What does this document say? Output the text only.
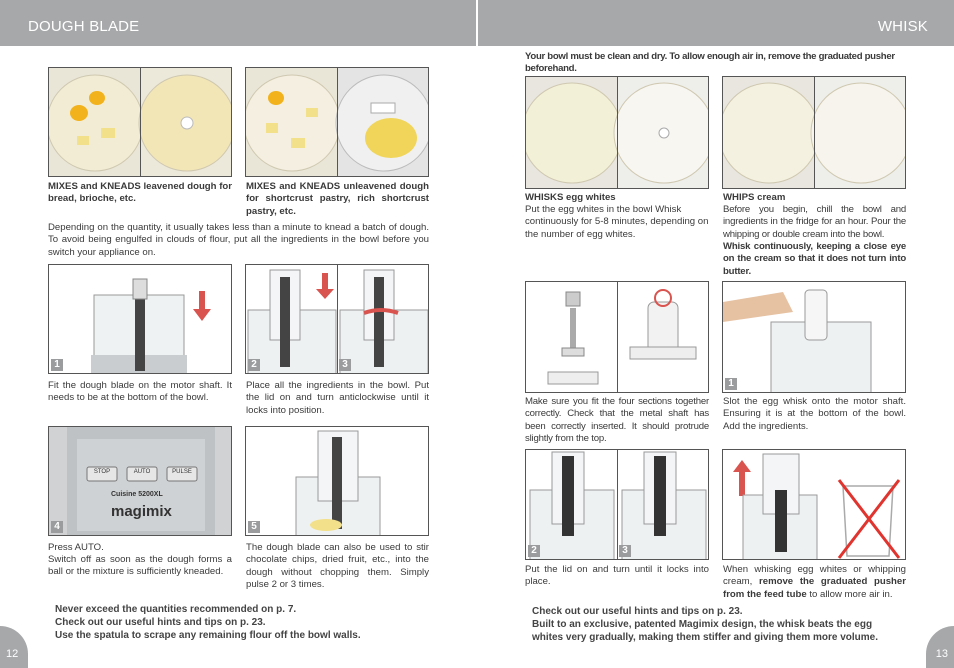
DOUGH BLADE	WHISK
MIXES and KNEADS leavened dough for bread, brioche, etc.
MIXES and KNEADS unleavened dough for shortcrust pastry, rich shortcrust pastry, etc.
Depending on the quantity, it usually takes less than a minute to knead a batch of dough. To avoid being engulfed in clouds of flour, put all the ingredients in the bowl before you switch your appliance on.
1	2	3
Fit the dough blade on the motor shaft. It needs to be at the bottom of the bowl.
Place all the ingredients in the bowl. Put the lid on and turn anticlockwise until it locks into position.
STOP	AUTO	PULSE
Cuisine 5200XL
magimix
4	5
Press AUTO.
Switch off as soon as the dough forms a ball or the mixture is sufficiently kneaded.
The dough blade can also be used to stir chocolate chips, dried fruit, etc., into the dough without chopping them. Simply pulse 2 or 3 times.
Never exceed the quantities recommended on p. 7.
Check out our useful hints and tips on p. 23.
Use the spatula to scrape any remaining flour off the bowl walls.
12
Your bowl must be clean and dry. To allow enough air in, remove the graduated pusher beforehand.
WHISKS egg whites
Put the egg whites in the bowl Whisk continuously for 5-8 minutes, depending on the number of egg whites.
WHIPS cream
Before you begin, chill the bowl and ingredients in the fridge for an hour. Pour the whipping or double cream into the bowl.
Whisk continuously, keeping a close eye on the cream so that it does not turn into butter.
1
Make sure you fit the four sections together correctly. Check that the metal shaft has been correctly inserted. It should protrude slightly from the top.
Slot the egg whisk onto the motor shaft. Ensuring it is at the bottom of the bowl. Add the ingredients.
2	3
Put the lid on and turn until it locks into place.
When whisking egg whites or whipping cream, remove the graduated pusher from the feed tube to allow more air in.
Check out our useful hints and tips on p. 23.
Built to an exclusive, patented Magimix design, the whisk beats the egg whites very gradually, making them stiffer and giving them more volume.
13
